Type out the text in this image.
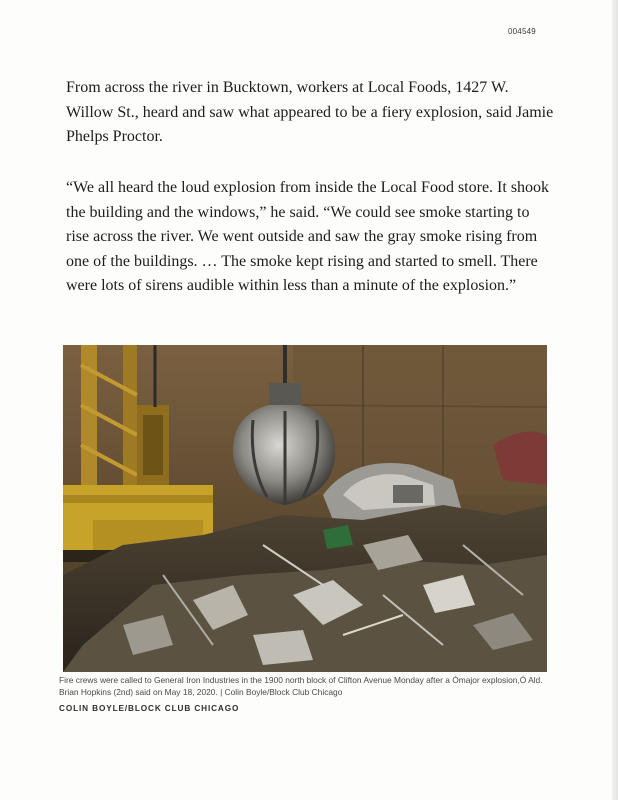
004549

From across the river in Bucktown, workers at Local Foods, 1427 W. Willow St., heard and saw what appeared to be a fiery explosion, said Jamie Phelps Proctor.

“We all heard the loud explosion from inside the Local Food store. It shook the building and the windows,” he said. “We could see smoke starting to rise across the river. We went outside and saw the gray smoke rising from one of the buildings. … The smoke kept rising and started to smell. There were lots of sirens audible within less than a minute of the explosion.”

Fire crews were called to General Iron Industries in the 1900 north block of Clifton Avenue Monday after a Ómajor explosion,Ó Ald. Brian Hopkins (2nd) said on May 18, 2020. | Colin Boyle/Block Club Chicago

COLIN BOYLE/BLOCK CLUB CHICAGO
